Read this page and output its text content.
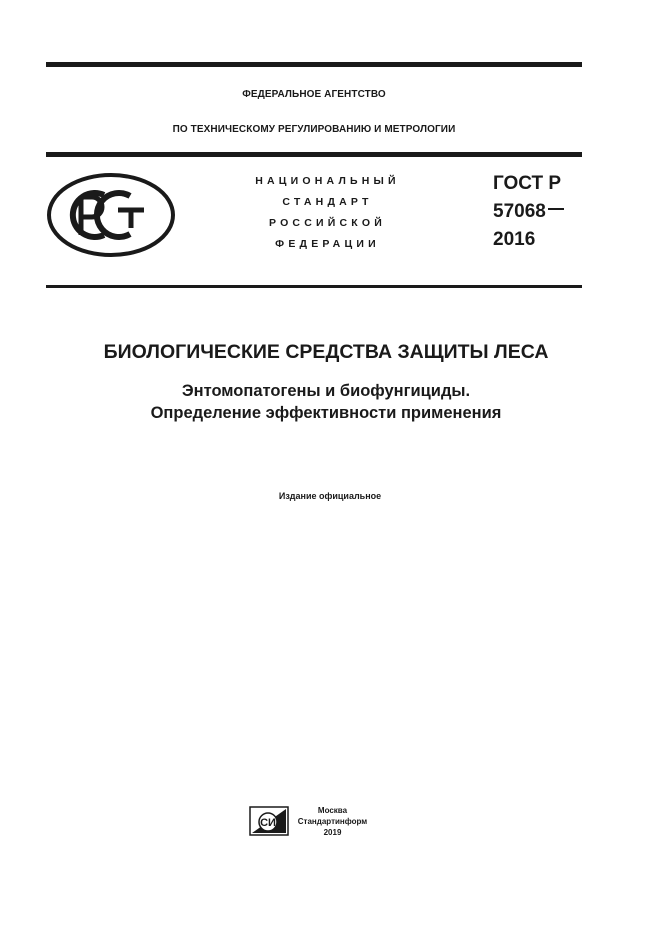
ФЕДЕРАЛЬНОЕ АГЕНТСТВО
ПО ТЕХНИЧЕСКОМУ РЕГУЛИРОВАНИЮ И МЕТРОЛОГИИ
НАЦИОНАЛЬНЫЙ
СТАНДАРТ
РОССИЙСКОЙ
ФЕДЕРАЦИИ
ГОСТ Р
57068
2016
БИОЛОГИЧЕСКИЕ СРЕДСТВА ЗАЩИТЫ ЛЕСА
Энтомопатогены и биофунгициды.
Определение эффективности применения
Издание официальное
СИ
Москва
Стандартинформ
2019
